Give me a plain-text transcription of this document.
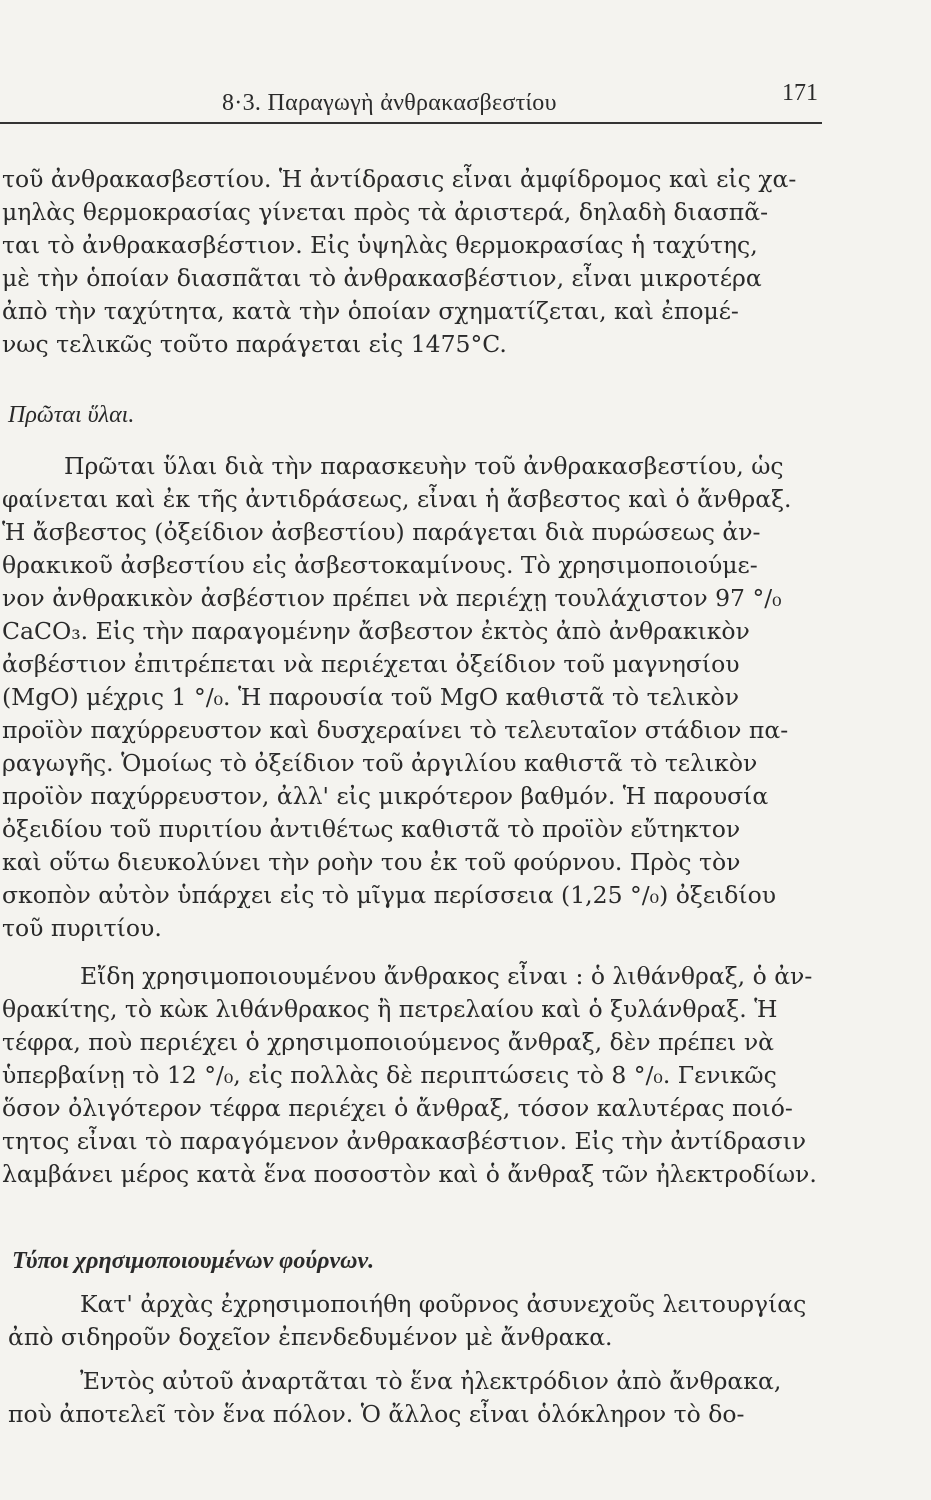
8·3. Παραγωγὴ ἀνθρακασβεστίου	171
τοῦ ἀνθρακασβεστίου. Ἡ ἀντίδρασις εἶναι ἀμφίδρομος καὶ εἰς χα-
μηλὰς θερμοκρασίας γίνεται πρὸς τὰ ἀριστερά, δηλαδὴ διασπᾶ-
ται τὸ ἀνθρακασβέστιον. Εἰς ὑψηλὰς θερμοκρασίας ἡ ταχύτης,
μὲ τὴν ὁποίαν διασπᾶται τὸ ἀνθρακασβέστιον, εἶναι μικροτέρα
ἀπὸ τὴν ταχύτητα, κατὰ τὴν ὁποίαν σχηματίζεται, καὶ ἐπομέ-
νως τελικῶς τοῦτο παράγεται εἰς 1475°C.
Πρῶται ὕλαι.
Πρῶται ὕλαι διὰ τὴν παρασκευὴν τοῦ ἀνθρακασβεστίου, ὡς
φαίνεται καὶ ἐκ τῆς ἀντιδράσεως, εἶναι ἡ ἄσβεστος καὶ ὁ ἄνθραξ.
Ἡ ἄσβεστος (ὀξείδιον ἀσβεστίου) παράγεται διὰ πυρώσεως ἀν-
θρακικοῦ ἀσβεστίου εἰς ἀσβεστοκαμίνους. Τὸ χρησιμοποιούμε-
νον ἀνθρακικὸν ἀσβέστιον πρέπει νὰ περιέχῃ τουλάχιστον 97 °/₀
CaCO₃. Εἰς τὴν παραγομένην ἄσβεστον ἐκτὸς ἀπὸ ἀνθρακικὸν
ἀσβέστιον ἐπιτρέπεται νὰ περιέχεται ὀξείδιον τοῦ μαγνησίου
(MgO) μέχρις 1 °/₀. Ἡ παρουσία τοῦ MgO καθιστᾶ τὸ τελικὸν
προϊὸν παχύρρευστον καὶ δυσχεραίνει τὸ τελευταῖον στάδιον πα-
ραγωγῆς. Ὁμοίως τὸ ὀξείδιον τοῦ ἀργιλίου καθιστᾶ τὸ τελικὸν
προϊὸν παχύρρευστον, ἀλλ' εἰς μικρότερον βαθμόν. Ἡ παρουσία
ὀξειδίου τοῦ πυριτίου ἀντιθέτως καθιστᾶ τὸ προϊὸν εὔτηκτον
καὶ οὕτω διευκολύνει τὴν ροὴν του ἐκ τοῦ φούρνου. Πρὸς τὸν
σκοπὸν αὐτὸν ὑπάρχει εἰς τὸ μῖγμα περίσσεια (1,25 °/₀) ὀξειδίου
τοῦ πυριτίου.
Εἴδη χρησιμοποιουμένου ἄνθρακος εἶναι : ὁ λιθάνθραξ, ὁ ἀν-
θρακίτης, τὸ κὼκ λιθάνθρακος ἢ πετρελαίου καὶ ὁ ξυλάνθραξ. Ἡ
τέφρα, ποὺ περιέχει ὁ χρησιμοποιούμενος ἄνθραξ, δὲν πρέπει νὰ
ὑπερβαίνῃ τὸ 12 °/₀, εἰς πολλὰς δὲ περιπτώσεις τὸ 8 °/₀. Γενικῶς
ὅσον ὀλιγότερον τέφρα περιέχει ὁ ἄνθραξ, τόσον καλυτέρας ποιό-
τητος εἶναι τὸ παραγόμενον ἀνθρακασβέστιον. Εἰς τὴν ἀντίδρασιν
λαμβάνει μέρος κατὰ ἕνα ποσοστὸν καὶ ὁ ἄνθραξ τῶν ἠλεκτροδίων.
Τύποι χρησιμοποιουμένων φούρνων.
Κατ' ἀρχὰς ἐχρησιμοποιήθη φοῦρνος ἀσυνεχοῦς λειτουργίας
ἀπὸ σιδηροῦν δοχεῖον ἐπενδεδυμένον μὲ ἄνθρακα.
Ἐντὸς αὐτοῦ ἀναρτᾶται τὸ ἕνα ἠλεκτρόδιον ἀπὸ ἄνθρακα,
ποὺ ἀποτελεῖ τὸν ἕνα πόλον. Ὁ ἄλλος εἶναι ὁλόκληρον τὸ δο-
